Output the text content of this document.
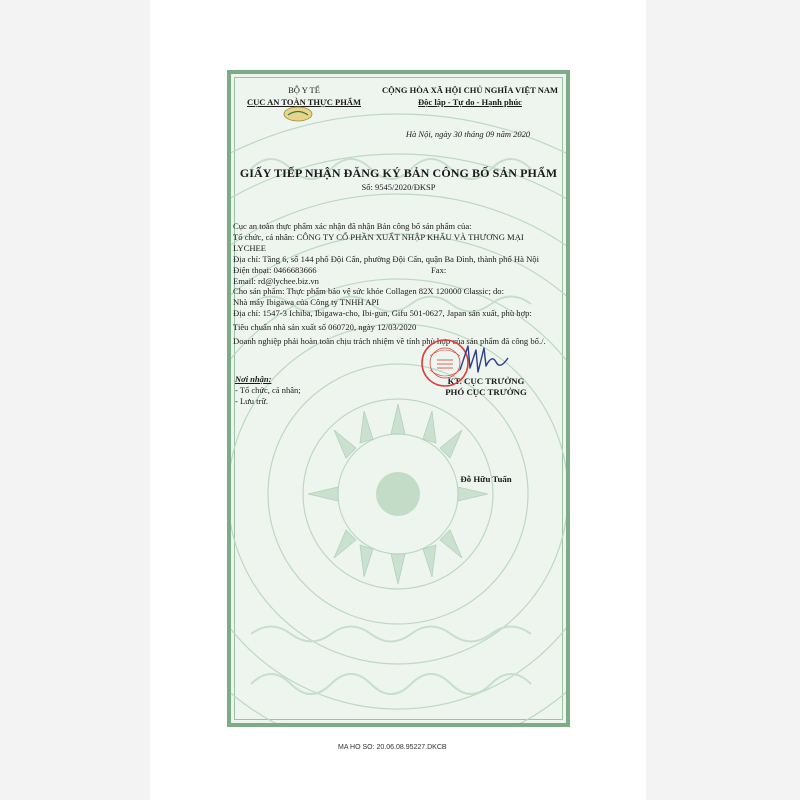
BỘ Y TẾ
CỤC AN TOÀN THỰC PHẨM
CỘNG HÒA XÃ HỘI CHỦ NGHĨA VIỆT NAM
Độc lập - Tự do - Hạnh phúc
Hà Nội, ngày 30 tháng 09 năm 2020
GIẤY TIẾP NHẬN ĐĂNG KÝ BẢN CÔNG BỐ SẢN PHẨM
Số: 9545/2020/ĐKSP
Cục an toàn thực phẩm xác nhận đã nhận Bản công bố sản phẩm của:
Tổ chức, cá nhân: CÔNG TY CỔ PHẦN XUẤT NHẬP KHẨU VÀ THƯƠNG MẠI
LYCHEE
Địa chỉ: Tầng 6, số 144 phố Đội Cấn, phường Đội Cấn, quận Ba Đình, thành phố Hà Nội
Điện thoại: 0466683666	Fax:
Email: rd@lychee.biz.vn
Cho sản phẩm: Thực phẩm bảo vệ sức khỏe Collagen 82X 120000 Classic; do:
Nhà máy Ibigawa của Công ty TNHH API
Địa chỉ: 1547-3 Ichiba, Ibigawa-cho, Ibi-gun, Gifu 501-0627, Japan sản xuất, phù hợp:
Tiêu chuẩn nhà sản xuất số 060720, ngày 12/03/2020
Doanh nghiệp phải hoàn toàn chịu trách nhiệm về tính phù hợp của sản phẩm đã công bố./.
Nơi nhận:
- Tổ chức, cá nhân;
- Lưu trữ.
KT. CỤC TRƯỞNG
PHÓ CỤC TRƯỞNG
Đỗ Hữu Tuấn
MA HO SO: 20.06.08.95227.DKCB
